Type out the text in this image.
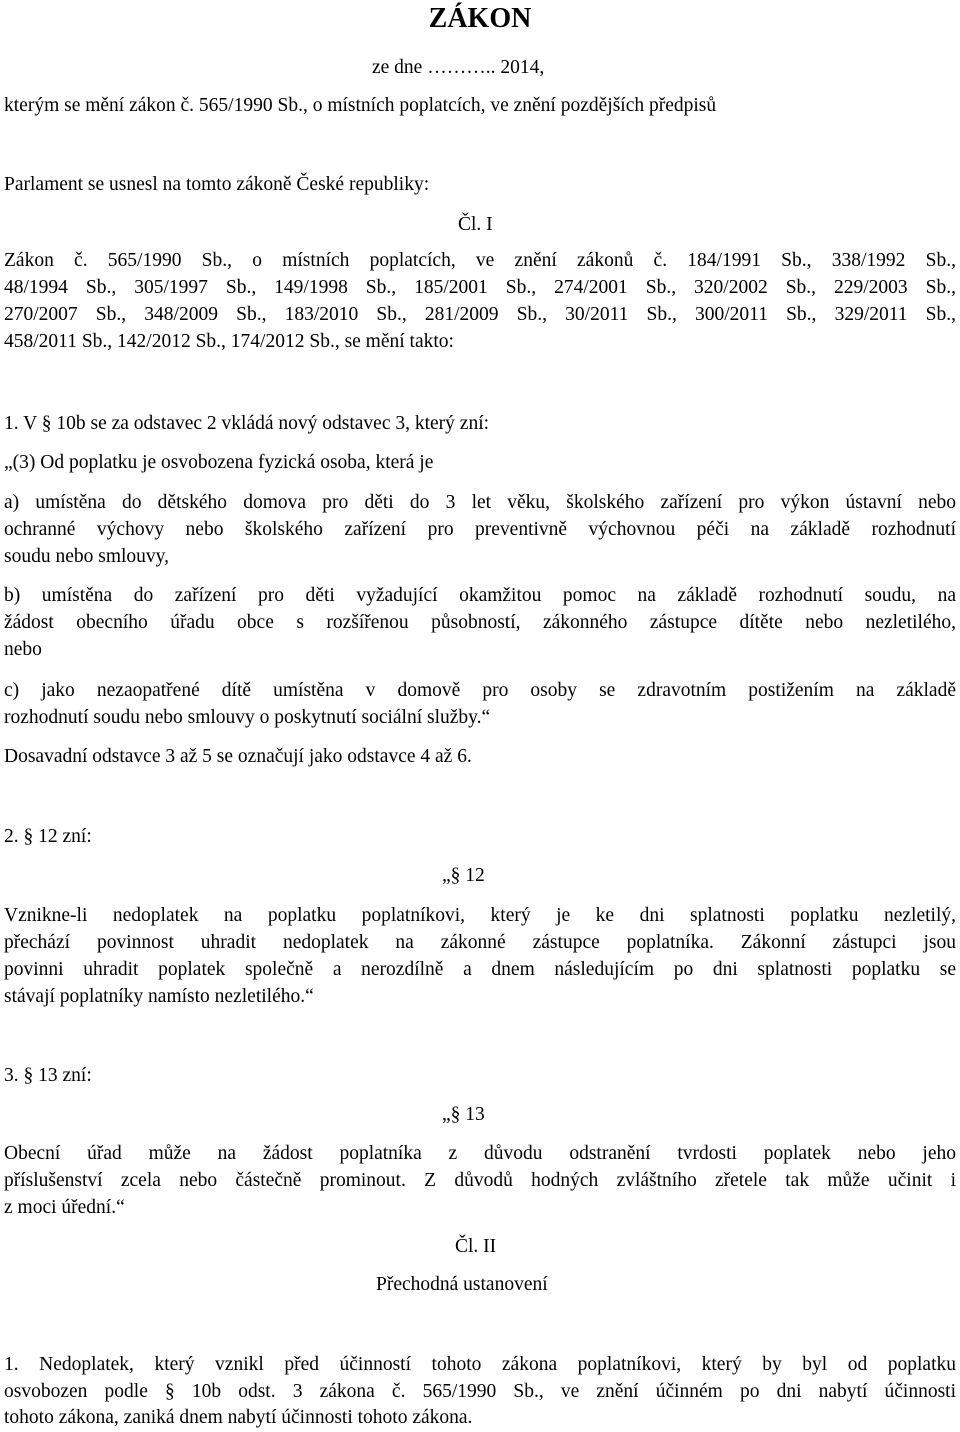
ZÁKON
ze dne ……….. 2014,
kterým se mění zákon č. 565/1990 Sb., o místních poplatcích, ve znění pozdějších předpisů
Parlament se usnesl na tomto zákoně České republiky:
Čl. I
Zákon č. 565/1990 Sb., o místních poplatcích, ve znění zákonů č. 184/1991 Sb., 338/1992 Sb.,
48/1994 Sb., 305/1997 Sb., 149/1998 Sb., 185/2001 Sb., 274/2001 Sb., 320/2002 Sb., 229/2003 Sb.,
270/2007 Sb., 348/2009 Sb., 183/2010 Sb., 281/2009 Sb., 30/2011 Sb., 300/2011 Sb., 329/2011 Sb.,
458/2011 Sb., 142/2012 Sb., 174/2012 Sb., se mění takto:
1. V § 10b se za odstavec 2 vkládá nový odstavec 3, který zní:
„(3) Od poplatku je osvobozena fyzická osoba, která je
a) umístěna do dětského domova pro děti do 3 let věku, školského zařízení pro výkon ústavní nebo
ochranné výchovy nebo školského zařízení pro preventivně výchovnou péči na základě rozhodnutí
soudu nebo smlouvy,
b) umístěna do zařízení pro děti vyžadující okamžitou pomoc na základě rozhodnutí soudu, na
žádost obecního úřadu obce s rozšířenou působností, zákonného zástupce dítěte nebo nezletilého,
nebo
c) jako nezaopatřené dítě umístěna v domově pro osoby se zdravotním postižením na základě
rozhodnutí soudu nebo smlouvy o poskytnutí sociální služby.“
Dosavadní odstavce 3 až 5 se označují jako odstavce 4 až 6.
2. § 12 zní:
„§ 12
Vznikne-li nedoplatek na poplatku poplatníkovi, který je ke dni splatnosti poplatku nezletilý,
přechází povinnost uhradit nedoplatek na zákonné zástupce poplatníka. Zákonní zástupci jsou
povinni uhradit poplatek společně a nerozdílně a dnem následujícím po dni splatnosti poplatku se
stávají poplatníky namísto nezletilého.“
3. § 13 zní:
„§ 13
Obecní úřad může na žádost poplatníka z důvodu odstranění tvrdosti poplatek nebo jeho
příslušenství zcela nebo částečně prominout. Z důvodů hodných zvláštního zřetele tak může učinit i
z moci úřední.“
Čl. II
Přechodná ustanovení
1. Nedoplatek, který vznikl před účinností tohoto zákona poplatníkovi, který by byl od poplatku
osvobozen podle § 10b odst. 3 zákona č. 565/1990 Sb., ve znění účinném po dni nabytí účinnosti
tohoto zákona, zaniká dnem nabytí účinnosti tohoto zákona.
